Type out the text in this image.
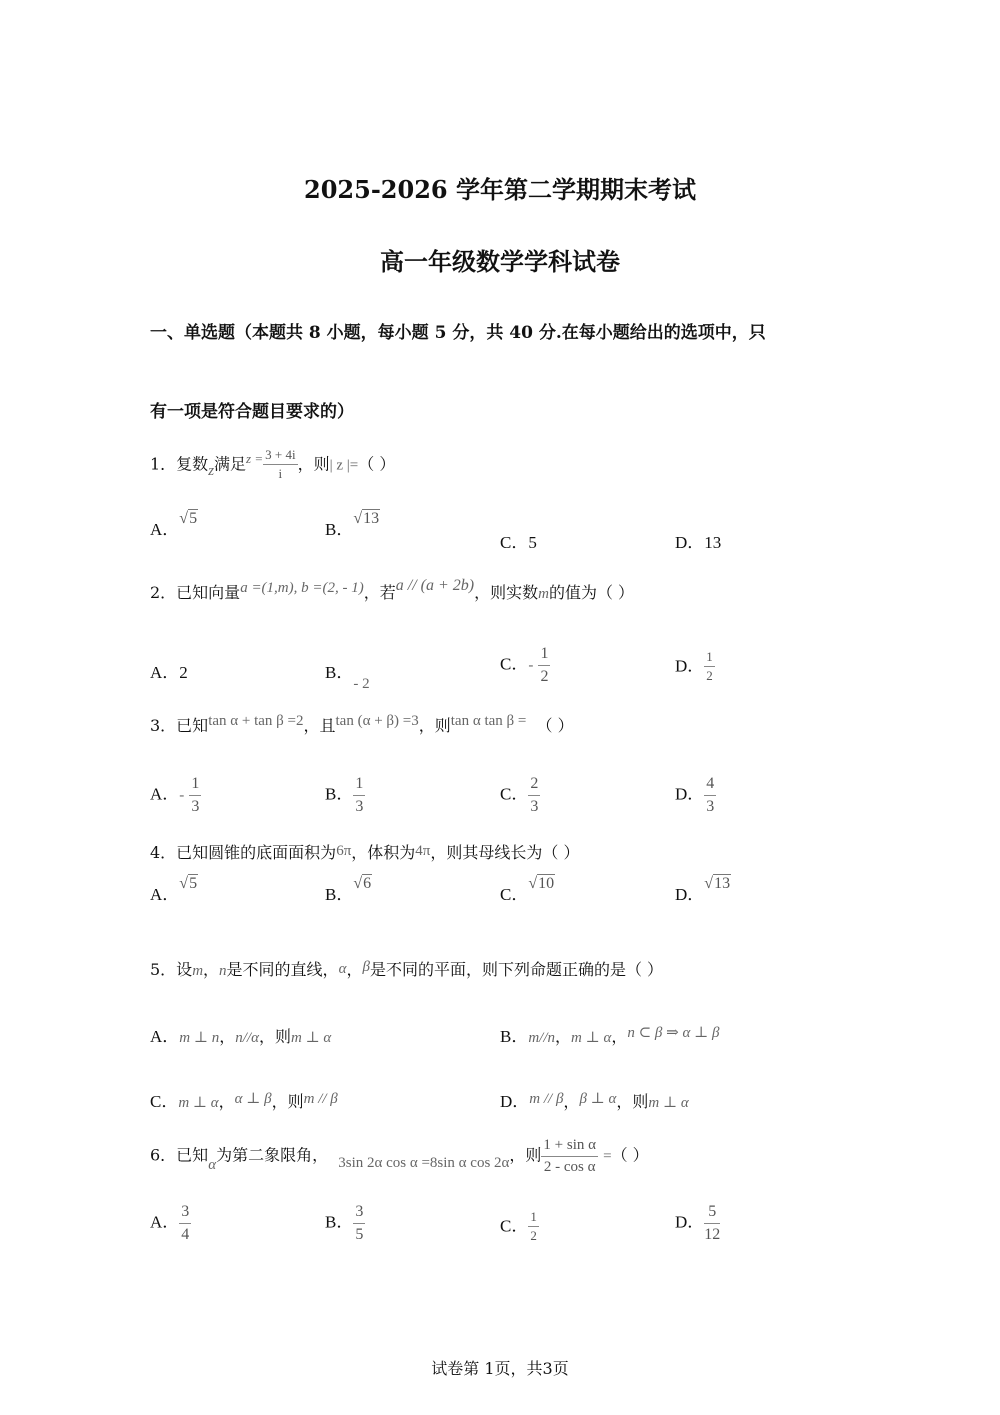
2025-2026 学年第二学期期末考试
高一年级数学学科试卷
一、单选题（本题共 8 小题，每小题 5 分，共 40 分.在每小题给出的选项中，只
有一项是符合题目要求的）
1．复数z满足$^{z =} \frac{3 + 4i}{i}$ ，则| z |=（ ）
A．√5
B．√13
C．5	D．13
2．已知向量a =(1,m), b =(2, - 1)，若a // (a + 2b)，则实数m的值为（ ）
A．2	B．- 2
C．- $\frac{1}{2}$	D． $\frac{1}{2}$
3．已知tan α + tan β =2，且tan (α + β) =3，则tan α tan β = （ ）
A．- $\frac{1}{3}$	B． $\frac{1}{3}$	C． $\frac{2}{3}$	D． $\frac{4}{3}$
4．已知圆锥的底面面积为6π，体积为4π，则其母线长为（ ）
A．√5
B．√6
C．√10
D．√13
5．设m，n是不同的直线，α，β是不同的平面，则下列命题正确的是（ ）
A．m ⊥ n，n//α，则m ⊥ α	B．m//n，m ⊥ α，n ⊂ β ⇒ α ⊥ β
C．m ⊥ α，α ⊥ β，则m // β	D．m // β，β ⊥ α，则m ⊥ α
6．已知α为第二象限角， 3sin 2α cos α =8sin α cos 2α，则 $\frac{\text{1 + sin α}}{\text{2 - cos α}}$ =（ ）
A． $\frac{3}{4}$	B． $\frac{3}{5}$	C． $\frac{1}{2}$	D． $\frac{5}{12}$
试卷第 1页，共3页
